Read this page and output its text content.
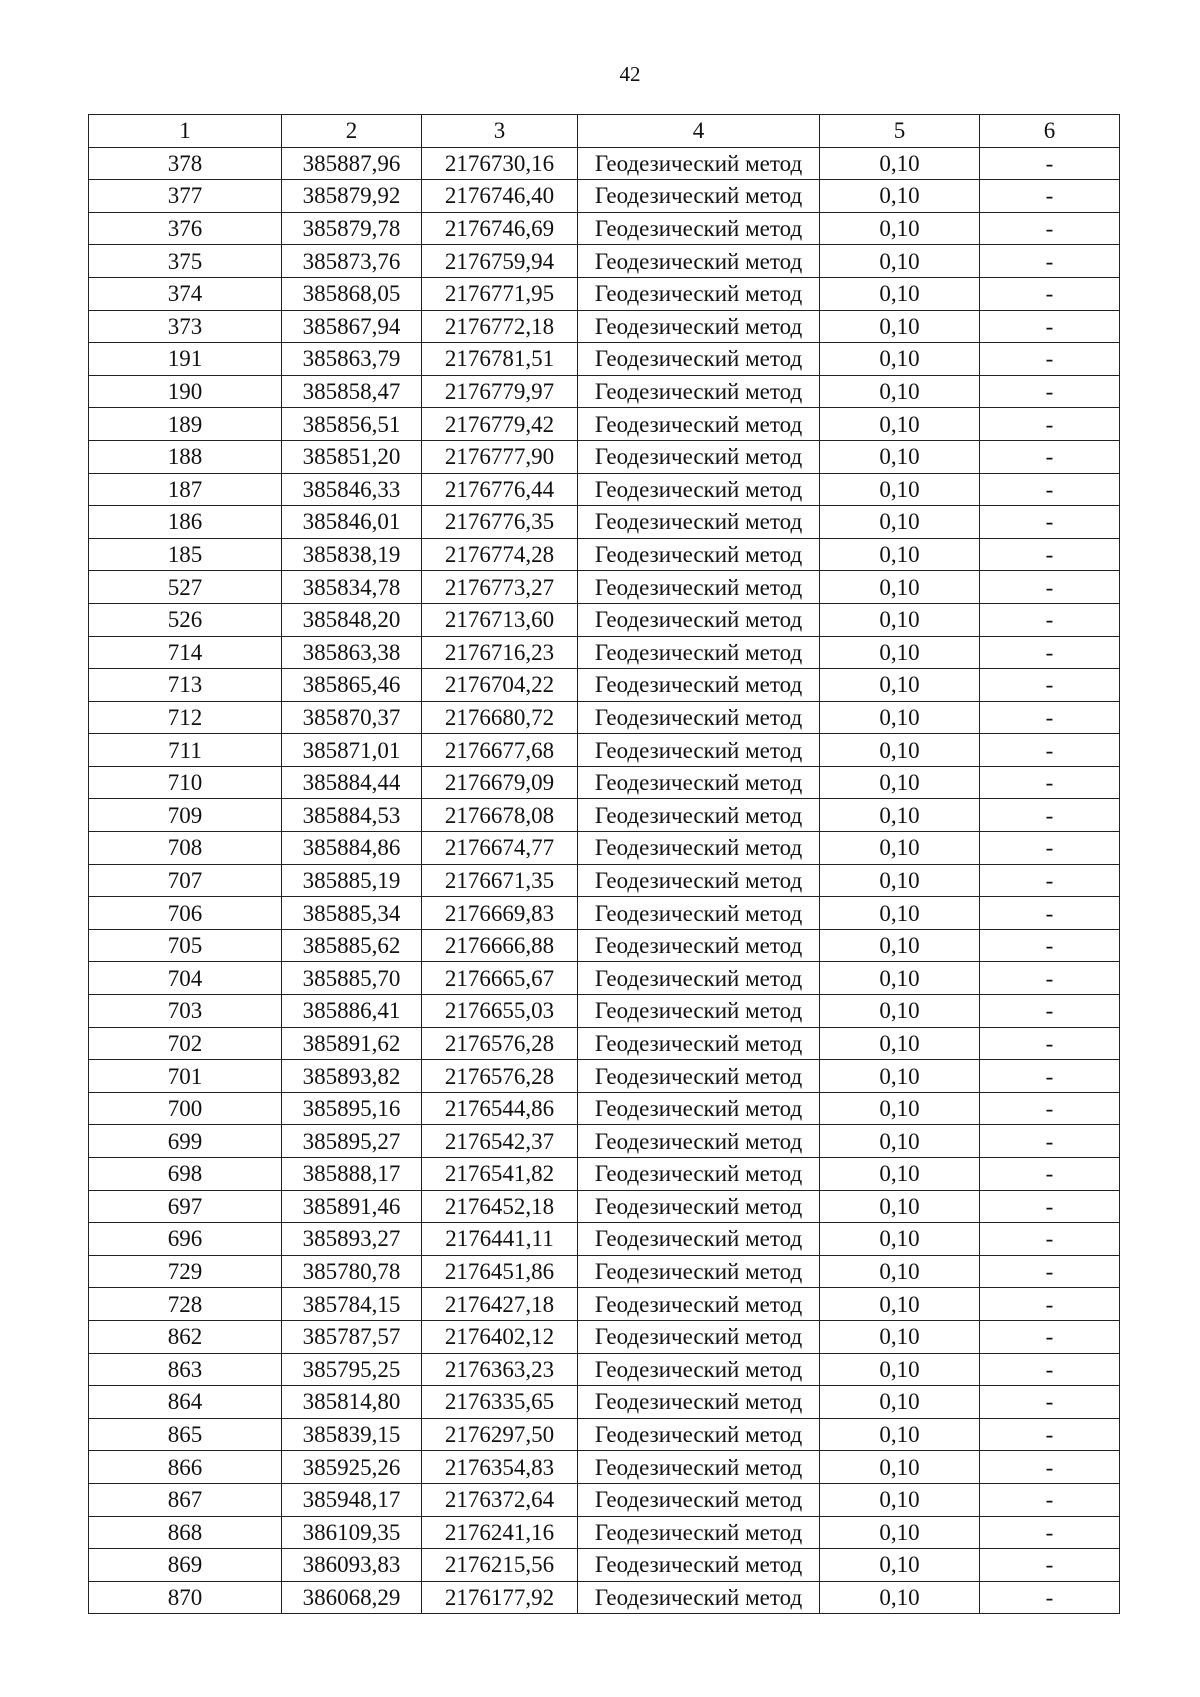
42
1	2	3	4	5	6
378	385887,96	2176730,16	Геодезический метод	0,10	-
377	385879,92	2176746,40	Геодезический метод	0,10	-
376	385879,78	2176746,69	Геодезический метод	0,10	-
375	385873,76	2176759,94	Геодезический метод	0,10	-
374	385868,05	2176771,95	Геодезический метод	0,10	-
373	385867,94	2176772,18	Геодезический метод	0,10	-
191	385863,79	2176781,51	Геодезический метод	0,10	-
190	385858,47	2176779,97	Геодезический метод	0,10	-
189	385856,51	2176779,42	Геодезический метод	0,10	-
188	385851,20	2176777,90	Геодезический метод	0,10	-
187	385846,33	2176776,44	Геодезический метод	0,10	-
186	385846,01	2176776,35	Геодезический метод	0,10	-
185	385838,19	2176774,28	Геодезический метод	0,10	-
527	385834,78	2176773,27	Геодезический метод	0,10	-
526	385848,20	2176713,60	Геодезический метод	0,10	-
714	385863,38	2176716,23	Геодезический метод	0,10	-
713	385865,46	2176704,22	Геодезический метод	0,10	-
712	385870,37	2176680,72	Геодезический метод	0,10	-
711	385871,01	2176677,68	Геодезический метод	0,10	-
710	385884,44	2176679,09	Геодезический метод	0,10	-
709	385884,53	2176678,08	Геодезический метод	0,10	-
708	385884,86	2176674,77	Геодезический метод	0,10	-
707	385885,19	2176671,35	Геодезический метод	0,10	-
706	385885,34	2176669,83	Геодезический метод	0,10	-
705	385885,62	2176666,88	Геодезический метод	0,10	-
704	385885,70	2176665,67	Геодезический метод	0,10	-
703	385886,41	2176655,03	Геодезический метод	0,10	-
702	385891,62	2176576,28	Геодезический метод	0,10	-
701	385893,82	2176576,28	Геодезический метод	0,10	-
700	385895,16	2176544,86	Геодезический метод	0,10	-
699	385895,27	2176542,37	Геодезический метод	0,10	-
698	385888,17	2176541,82	Геодезический метод	0,10	-
697	385891,46	2176452,18	Геодезический метод	0,10	-
696	385893,27	2176441,11	Геодезический метод	0,10	-
729	385780,78	2176451,86	Геодезический метод	0,10	-
728	385784,15	2176427,18	Геодезический метод	0,10	-
862	385787,57	2176402,12	Геодезический метод	0,10	-
863	385795,25	2176363,23	Геодезический метод	0,10	-
864	385814,80	2176335,65	Геодезический метод	0,10	-
865	385839,15	2176297,50	Геодезический метод	0,10	-
866	385925,26	2176354,83	Геодезический метод	0,10	-
867	385948,17	2176372,64	Геодезический метод	0,10	-
868	386109,35	2176241,16	Геодезический метод	0,10	-
869	386093,83	2176215,56	Геодезический метод	0,10	-
870	386068,29	2176177,92	Геодезический метод	0,10	-
